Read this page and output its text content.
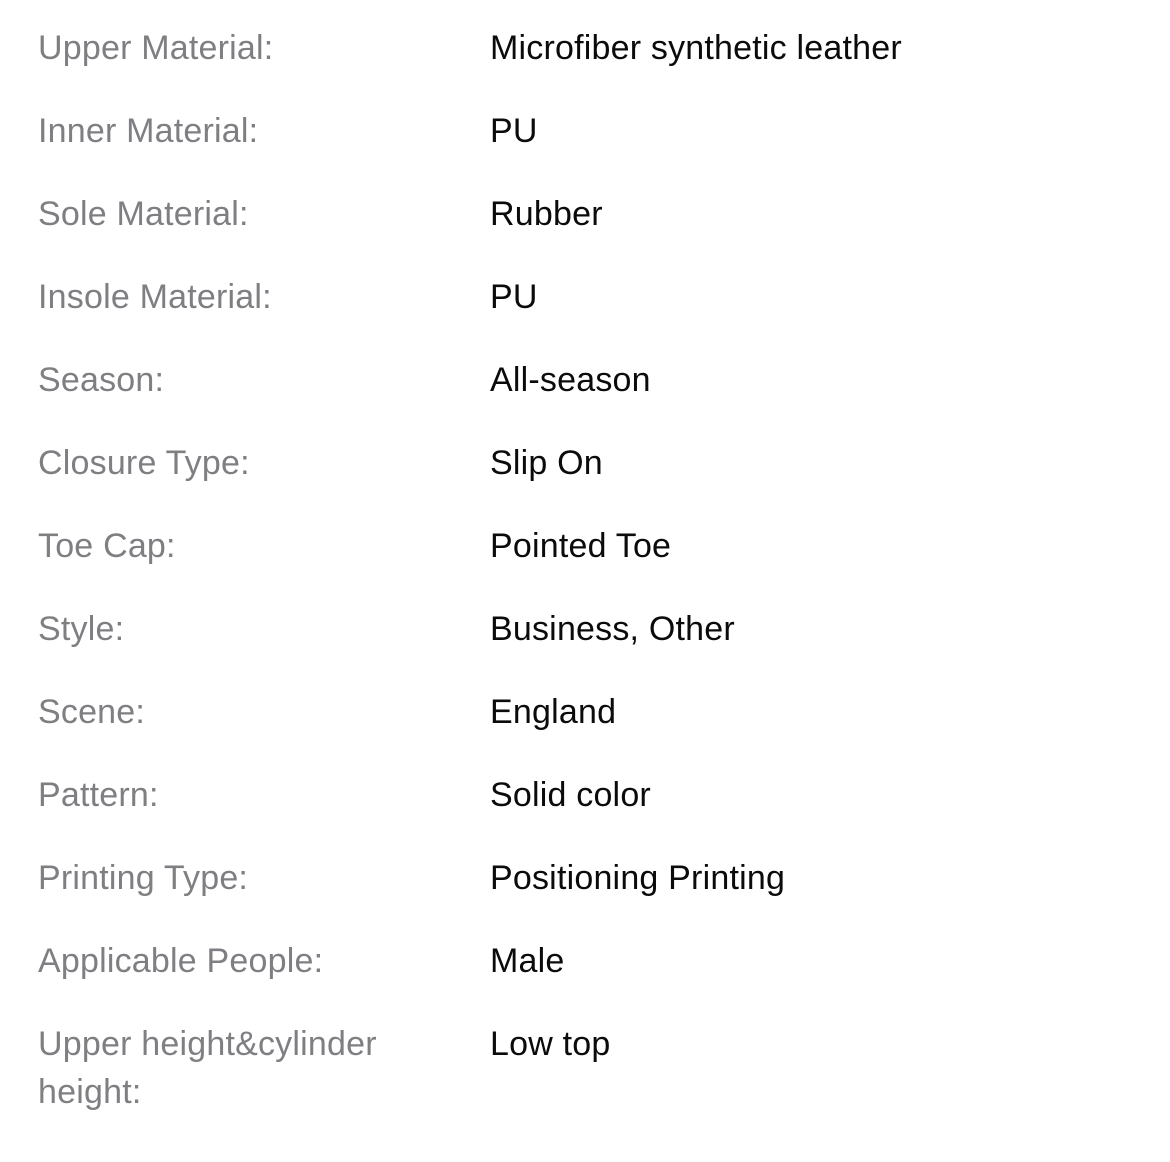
Upper Material:	Microfiber synthetic leather
Inner Material:	PU
Sole Material:	Rubber
Insole Material:	PU
Season:	All-season
Closure Type:	Slip On
Toe Cap:	Pointed Toe
Style:	Business, Other
Scene:	England
Pattern:	Solid color
Printing Type:	Positioning Printing
Applicable People:	Male
Upper height&cylinder height:
Low top
